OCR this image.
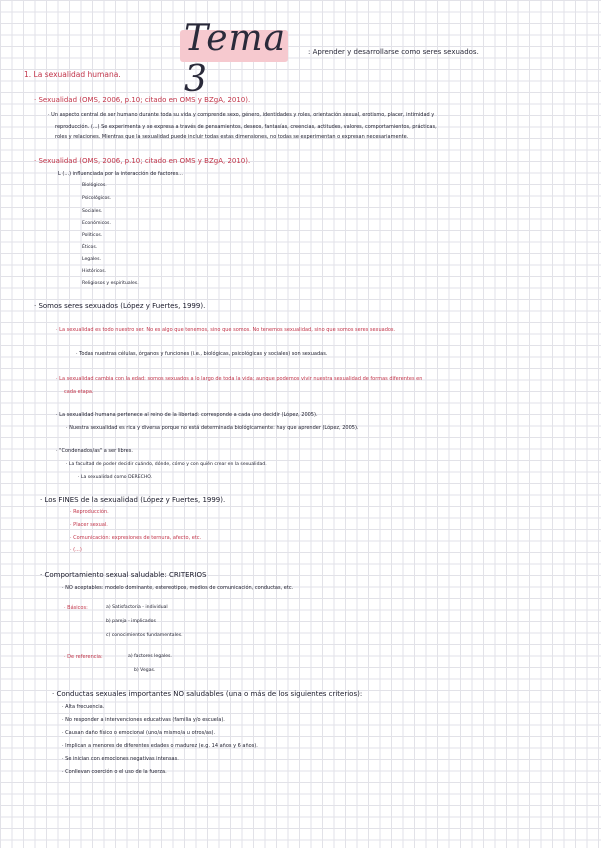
Tema 3
: Aprender y desarrollarse como seres sexuados.
1. La sexualidad humana.
· Sexualidad (OMS, 2006, p.10; citado en OMS y BZgA, 2010).
· Un aspecto central de ser humano durante toda su vida y comprende sexo, género, identidades y roles, orientación sexual, erotismo, placer, intimidad y
reproducción. (...) Se experimenta y se expresa a través de pensamientos, deseos, fantasías, creencias, actitudes, valores, comportamientos, prácticas,
roles y relaciones. Mientras que la sexualidad puede incluir todas estas dimensiones, no todas se experimentan o expresan necesariamente.
· Sexualidad (OMS, 2006, p.10; citado en OMS y BZgA, 2010).
L (...) influenciada por la interacción de factores...
Biológicos.
Psicológicos.
Sociales.
Económicos.
Políticos.
Éticos.
Legales.
Históricos.
Religiosos y espirituales.
· Somos seres sexuados (López y Fuertes, 1999).
· La sexualidad es todo nuestro ser. No es algo que tenemos, sino que somos. No tenemos sexualidad, sino que somos seres sexuados.
· Todas nuestras células, órganos y funciones (i.e., biológicas, psicológicas y sociales) son sexuadas.
· La sexualidad cambia con la edad: somos sexuados a lo largo de toda la vida; aunque podemos vivir nuestra sexualidad de formas diferentes en
cada etapa.
· La sexualidad humana pertenece al reino de la libertad: corresponde a cada uno decidir (López, 2005).
· Nuestra sexualidad es rica y diversa porque no está determinada biológicamente: hay que aprender (López, 2005).
· "Condenados/as" a ser libres.
· La facultad de poder decidir cuándo, dónde, cómo y con quién crear en la sexualidad.
· La sexualidad como DERECHO.
· Los FINES de la sexualidad (López y Fuertes, 1999).
· Reproducción.
· Placer sexual.
· Comunicación: expresiones de ternura, afecto, etc.
· (...)
· Comportamiento sexual saludable: CRITERIOS
· NO aceptables: modelo dominante, estereotipos, medios de comunicación, conductas, etc.
· Básicos:	a) Satisfactoria - individual
b) pareja - implicados
c) conocimientos fundamentales.
· De referencia:	a) factores legales.
b) Vegas.
· Conductas sexuales importantes NO saludables (una o más de los siguientes criterios):
· Alta frecuencia.
· No responder a intervenciones educativas (familia y/o escuela).
· Causan daño físico o emocional (uno/a mismo/a u otros/as).
· Implican a menores de diferentes edades o madurez (e.g. 14 años y 6 años).
· Se inician con emociones negativas intensas.
· Conllevan coerción o el uso de la fuerza.
